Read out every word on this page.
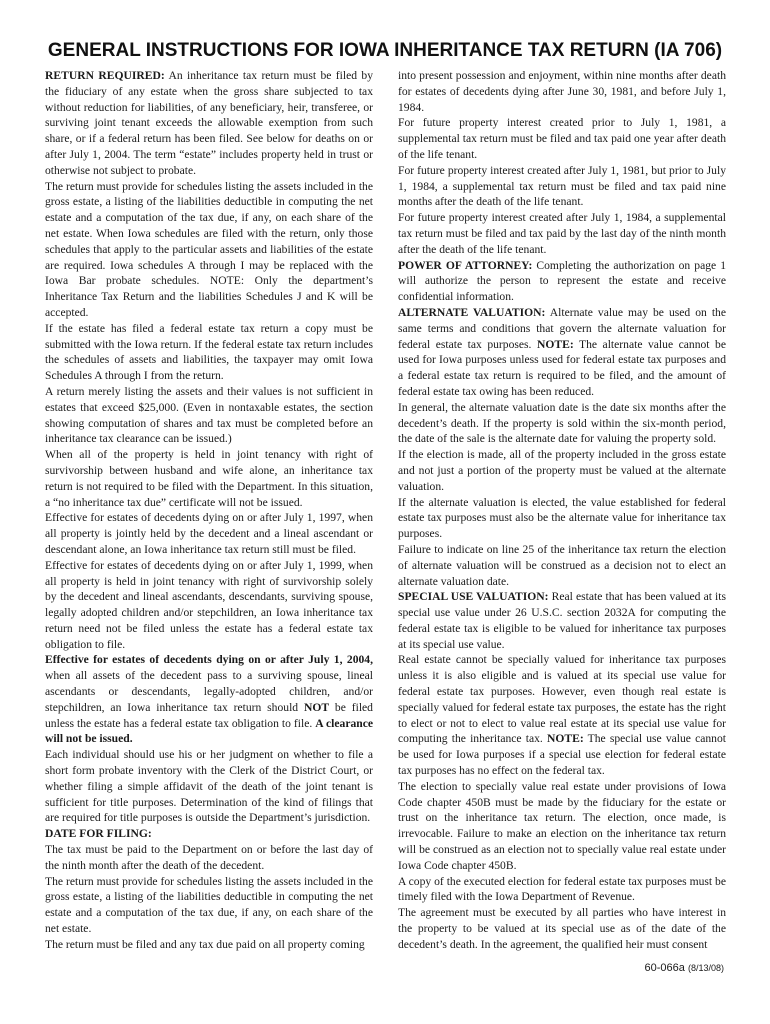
GENERAL INSTRUCTIONS FOR IOWA INHERITANCE TAX RETURN (IA 706)

RETURN REQUIRED: An inheritance tax return must be filed by the fiduciary of any estate when the gross share subjected to tax without reduction for liabilities, of any beneficiary, heir, transferee, or surviving joint tenant exceeds the allowable exemption from such share, or if a federal return has been filed. See below for deaths on or after July 1, 2004. The term “estate” includes property held in trust or otherwise not subject to probate.

The return must provide for schedules listing the assets included in the gross estate, a listing of the liabilities deductible in computing the net estate and a computation of the tax due, if any, on each share of the net estate. When Iowa schedules are filed with the return, only those schedules that apply to the particular assets and liabilities of the estate are required. Iowa schedules A through I may be replaced with the Iowa Bar probate schedules. NOTE: Only the department’s Inheritance Tax Return and the liabilities Schedules J and K will be accepted.

If the estate has filed a federal estate tax return a copy must be submitted with the Iowa return. If the federal estate tax return includes the schedules of assets and liabilities, the taxpayer may omit Iowa Schedules A through I from the return.

A return merely listing the assets and their values is not sufficient in estates that exceed $25,000. (Even in nontaxable estates, the section showing computation of shares and tax must be completed before an inheritance tax clearance can be issued.)

When all of the property is held in joint tenancy with right of survivorship between husband and wife alone, an inheritance tax return is not required to be filed with the Department. In this situation, a “no inheritance tax due” certificate will not be issued.

Effective for estates of decedents dying on or after July 1, 1997, when all property is jointly held by the decedent and a lineal ascendant or descendant alone, an Iowa inheritance tax return still must be filed.

Effective for estates of decedents dying on or after July 1, 1999, when all property is held in joint tenancy with right of survivorship solely by the decedent and lineal ascendants, descendants, surviving spouse, legally adopted children and/or stepchildren, an Iowa inheritance tax return need not be filed unless the estate has a federal estate tax obligation to file.

Effective for estates of decedents dying on or after July 1, 2004, when all assets of the decedent pass to a surviving spouse, lineal ascendants or descendants, legally-adopted children, and/or stepchildren, an Iowa inheritance tax return should NOT be filed unless the estate has a federal estate tax obligation to file. A clearance will not be issued.

Each individual should use his or her judgment on whether to file a short form probate inventory with the Clerk of the District Court, or whether filing a simple affidavit of the death of the joint tenant is sufficient for title purposes. Determination of the kind of filings that are required for title purposes is outside the Department’s jurisdiction.

DATE FOR FILING:

The tax must be paid to the Department on or before the last day of the ninth month after the death of the decedent.

The return must provide for schedules listing the assets included in the gross estate, a listing of the liabilities deductible in computing the net estate and a computation of the tax due, if any, on each share of the net estate.

The return must be filed and any tax due paid on all property coming

into present possession and enjoyment, within nine months after death for estates of decedents dying after June 30, 1981, and before July 1, 1984.

For future property interest created prior to July 1, 1981, a supplemental tax return must be filed and tax paid one year after death of the life tenant.

For future property interest created after July 1, 1981, but prior to July 1, 1984, a supplemental tax return must be filed and tax paid nine months after the death of the life tenant.

For future property interest created after July 1, 1984, a supplemental tax return must be filed and tax paid by the last day of the ninth month after the death of the life tenant.

POWER OF ATTORNEY: Completing the authorization on page 1 will authorize the person to represent the estate and receive confidential information.

ALTERNATE VALUATION: Alternate value may be used on the same terms and conditions that govern the alternate valuation for federal estate tax purposes. NOTE: The alternate value cannot be used for Iowa purposes unless used for federal estate tax purposes and a federal estate tax return is required to be filed, and the amount of federal estate tax owing has been reduced.

In general, the alternate valuation date is the date six months after the decedent’s death. If the property is sold within the six-month period, the date of the sale is the alternate date for valuing the property sold.

If the election is made, all of the property included in the gross estate and not just a portion of the property must be valued at the alternate valuation.

If the alternate valuation is elected, the value established for federal estate tax purposes must also be the alternate value for inheritance tax purposes.

Failure to indicate on line 25 of the inheritance tax return the election of alternate valuation will be construed as a decision not to elect an alternate valuation date.

SPECIAL USE VALUATION: Real estate that has been valued at its special use value under 26 U.S.C. section 2032A for computing the federal estate tax is eligible to be valued for inheritance tax purposes at its special use value.

Real estate cannot be specially valued for inheritance tax purposes unless it is also eligible and is valued at its special use value for federal estate tax purposes. However, even though real estate is specially valued for federal estate tax purposes, the estate has the right to elect or not to elect to value real estate at its special use value for computing the inheritance tax. NOTE: The special use value cannot be used for Iowa purposes if a special use election for federal estate tax purposes has no effect on the federal tax.

The election to specially value real estate under provisions of Iowa Code chapter 450B must be made by the fiduciary for the estate or trust on the inheritance tax return. The election, once made, is irrevocable. Failure to make an election on the inheritance tax return will be construed as an election not to specially value real estate under Iowa Code chapter 450B.

A copy of the executed election for federal estate tax purposes must be timely filed with the Iowa Department of Revenue.

The agreement must be executed by all parties who have interest in the property to be valued at its special use as of the date of the decedent’s death. In the agreement, the qualified heir must consent

60-066a (8/13/08)
